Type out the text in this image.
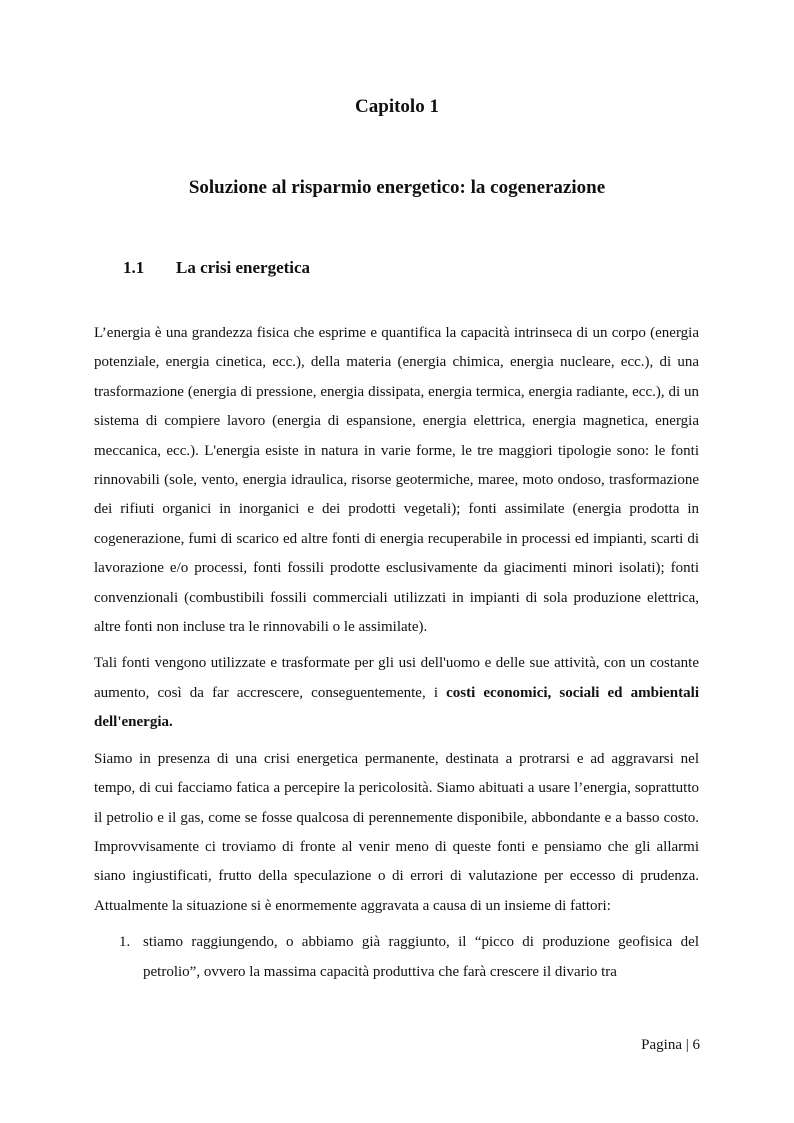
Capitolo 1
Soluzione al risparmio energetico: la cogenerazione
1.1 La crisi energetica

L’energia è una grandezza fisica che esprime e quantifica la capacità intrinseca di un corpo (energia potenziale, energia cinetica, ecc.), della materia (energia chimica, energia nucleare, ecc.), di una trasformazione (energia di pressione, energia dissipata, energia termica, energia radiante, ecc.), di un sistema di compiere lavoro (energia di espansione, energia elettrica, energia magnetica, energia meccanica, ecc.). L'energia esiste in natura in varie forme, le tre maggiori tipologie sono: le fonti rinnovabili (sole, vento, energia idraulica, risorse geotermiche, maree, moto ondoso, trasformazione dei rifiuti organici in inorganici e dei prodotti vegetali); fonti assimilate (energia prodotta in cogenerazione, fumi di scarico ed altre fonti di energia recuperabile in processi ed impianti, scarti di lavorazione e/o processi, fonti fossili prodotte esclusivamente da giacimenti minori isolati); fonti convenzionali (combustibili fossili commerciali utilizzati in impianti di sola produzione elettrica, altre fonti non incluse tra le rinnovabili o le assimilate).

Tali fonti vengono utilizzate e trasformate per gli usi dell'uomo e delle sue attività, con un costante aumento, così da far accrescere, conseguentemente, i costi economici, sociali ed ambientali dell'energia.

Siamo in presenza di una crisi energetica permanente, destinata a protrarsi e ad aggravarsi nel tempo, di cui facciamo fatica a percepire la pericolosità. Siamo abituati a usare l’energia, soprattutto il petrolio e il gas, come se fosse qualcosa di perennemente disponibile, abbondante e a basso costo. Improvvisamente ci troviamo di fronte al venir meno di queste fonti e pensiamo che gli allarmi siano ingiustificati, frutto della speculazione o di errori di valutazione per eccesso di prudenza. Attualmente la situazione si è enormemente aggravata a causa di un insieme di fattori:

1. stiamo raggiungendo, o abbiamo già raggiunto, il “picco di produzione geofisica del petrolio”, ovvero la massima capacità produttiva che farà crescere il divario tra
Pagina | 6
